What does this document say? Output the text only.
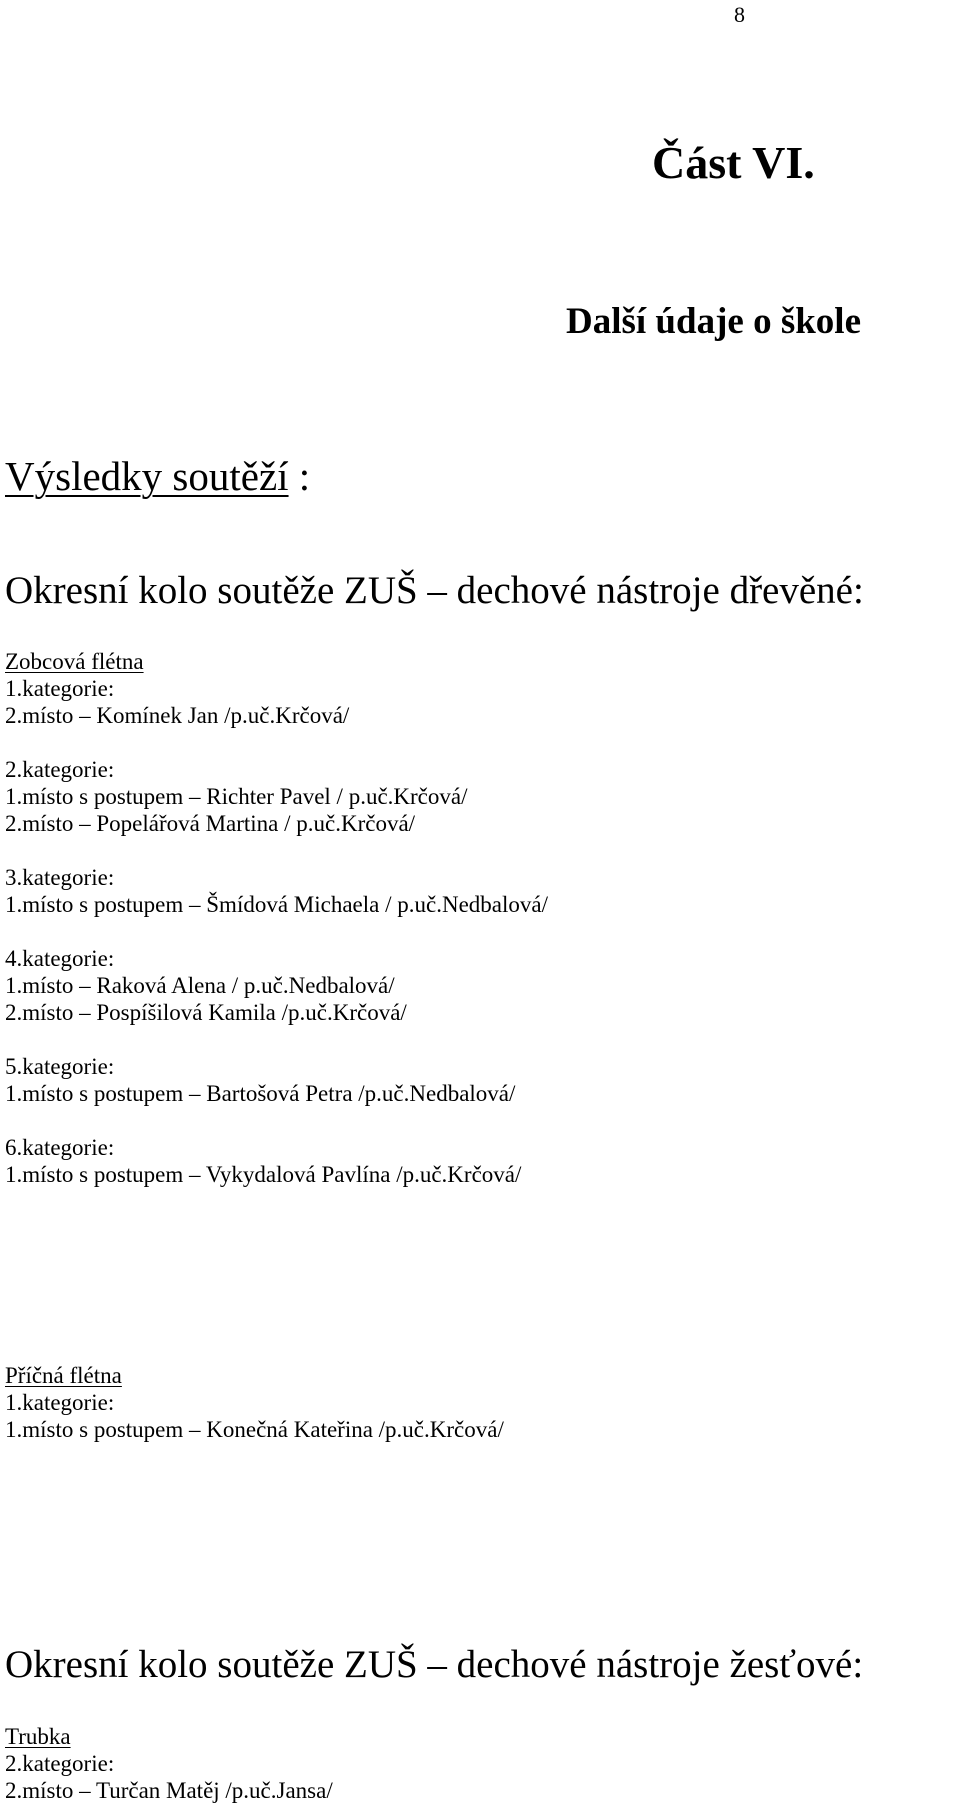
8
Část VI.
Další údaje o škole
Výsledky soutěží :
Okresní kolo soutěže ZUŠ – dechové nástroje dřevěné:
Zobcová flétna
1.kategorie:
2.místo – Komínek Jan /p.uč.Krčová/
2.kategorie:
1.místo s postupem – Richter Pavel / p.uč.Krčová/
2.místo – Popelářová Martina / p.uč.Krčová/
3.kategorie:
1.místo s postupem – Šmídová Michaela / p.uč.Nedbalová/
4.kategorie:
1.místo – Raková Alena / p.uč.Nedbalová/
2.místo – Pospíšilová Kamila /p.uč.Krčová/
5.kategorie:
1.místo s postupem – Bartošová Petra /p.uč.Nedbalová/
6.kategorie:
1.místo s postupem – Vykydalová Pavlína /p.uč.Krčová/
Příčná flétna
1.kategorie:
1.místo s postupem – Konečná Kateřina /p.uč.Krčová/
Okresní kolo soutěže ZUŠ – dechové nástroje žesťové:
Trubka
2.kategorie:
2.místo – Turčan Matěj /p.uč.Jansa/
